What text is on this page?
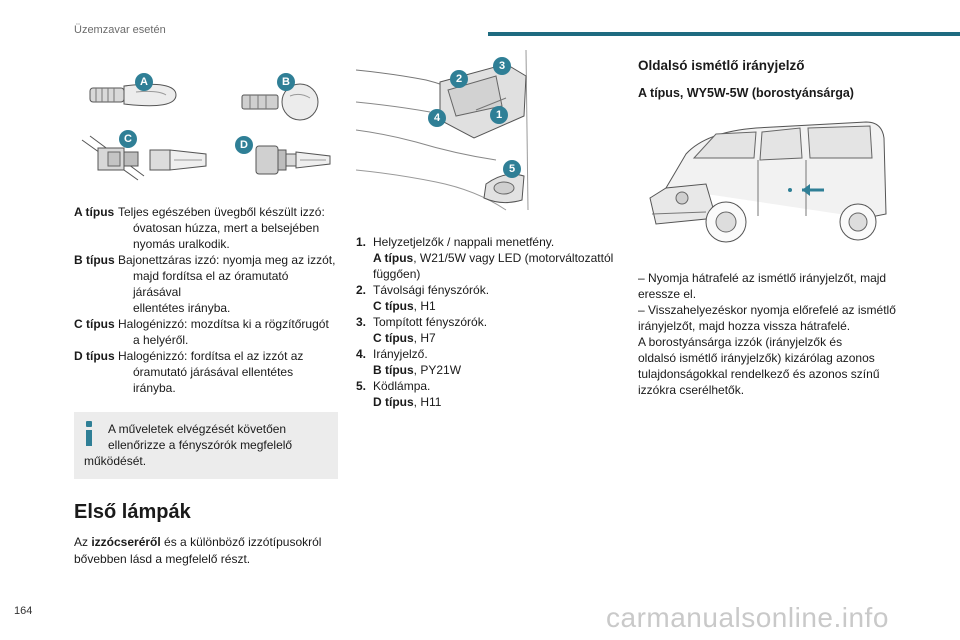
Üzemzavar esetén
A	B
C	D
A típus Teljes egészében üvegből készült izzó:
óvatosan húzza, mert a belsejében
nyomás uralkodik.
B típus Bajonettzáras izzó: nyomja meg az izzót,
majd fordítsa el az óramutató járásával
ellentétes irányba.
C típus Halogénizzó: mozdítsa ki a rögzítőrugót
a helyéről.
D típus Halogénizzó: fordítsa el az izzót az
óramutató járásával ellentétes irányba.
A műveletek elvégzését követően
ellenőrizze a fényszórók megfelelő
működését.
Első lámpák
Az izzócseréről és a különböző izzótípusokról
bővebben lásd a megfelelő részt.
2
3
4	1
5
1. Helyzetjelzők / nappali menetfény.
A típus, W21/5W vagy LED (motorváltozattól
függően)
2. Távolsági fényszórók.
C típus, H1
3. Tompított fényszórók.
C típus, H7
4. Irányjelző.
B típus, PY21W
5. Ködlámpa.
D típus, H11
Oldalsó ismétlő irányjelző
A típus, WY5W-5W (borostyánsárga)
– Nyomja hátrafelé az ismétlő irányjelzőt, majd
eressze el.
– Visszahelyezéskor nyomja előrefelé az ismétlő
irányjelzőt, majd hozza vissza hátrafelé.
A borostyánsárga izzók (irányjelzők és
oldalsó ismétlő irányjelzők) kizárólag azonos
tulajdonságokkal rendelkező és azonos színű
izzókra cserélhetők.
164	carmanualsonline.info
